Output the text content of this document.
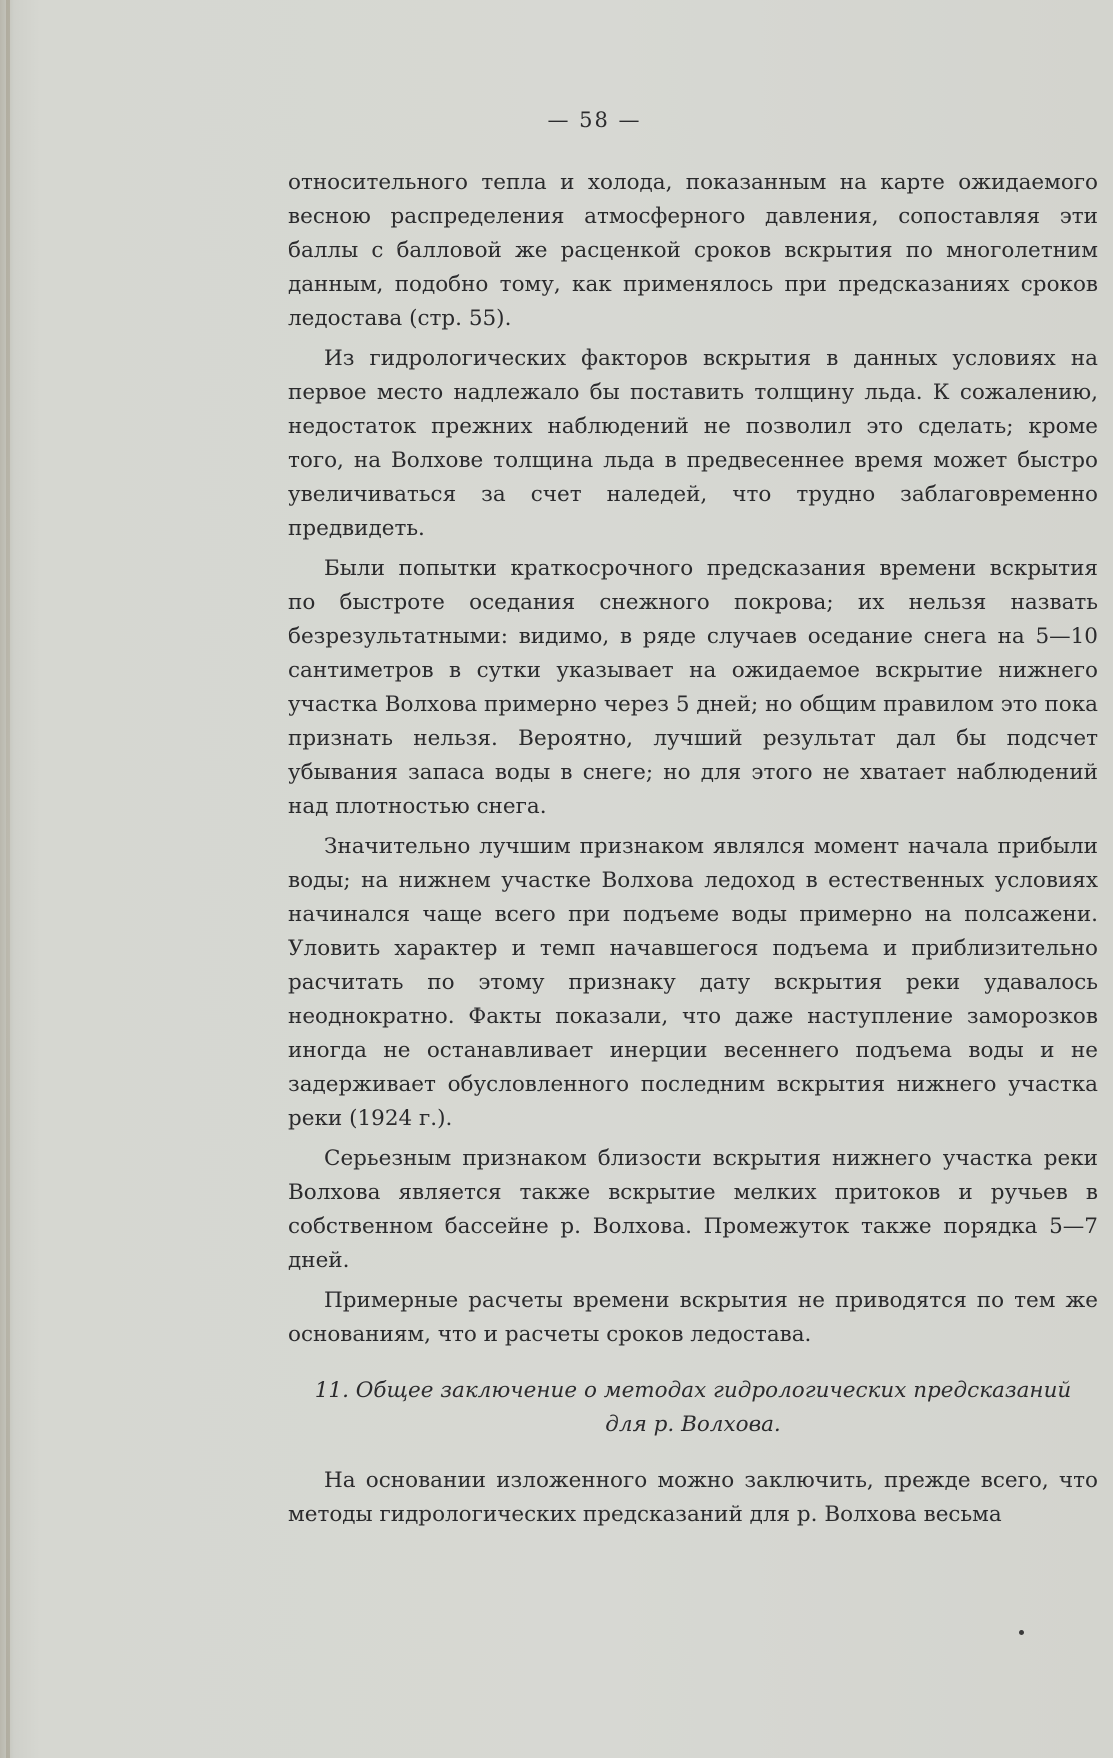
— 58 —

относительного тепла и холода, показанным на карте ожидаемого весною распределения атмосферного давления, сопоставляя эти баллы с балловой же расценкой сроков вскрытия по многолетним данным, подобно тому, как применялось при предсказаниях сроков ледостава (стр. 55).

Из гидрологических факторов вскрытия в данных условиях на первое место надлежало бы поставить толщину льда. К сожалению, недостаток прежних наблюдений не позволил это сделать; кроме того, на Волхове толщина льда в предвесеннее время может быстро увеличиваться за счет наледей, что трудно заблаговременно предвидеть.

Были попытки краткосрочного предсказания времени вскрытия по быстроте оседания снежного покрова; их нельзя назвать безрезультатными: видимо, в ряде случаев оседание снега на 5—10 сантиметров в сутки указывает на ожидаемое вскрытие нижнего участка Волхова примерно через 5 дней; но общим правилом это пока признать нельзя. Вероятно, лучший результат дал бы подсчет убывания запаса воды в снеге; но для этого не хватает наблюдений над плотностью снега.

Значительно лучшим признаком являлся момент начала прибыли воды; на нижнем участке Волхова ледоход в естественных условиях начинался чаще всего при подъеме воды примерно на полсажени. Уловить характер и темп начавшегося подъема и приблизительно расчитать по этому признаку дату вскрытия реки удавалось неоднократно. Факты показали, что даже наступление заморозков иногда не останавливает инерции весеннего подъема воды и не задерживает обусловленного последним вскрытия нижнего участка реки (1924 г.).

Серьезным признаком близости вскрытия нижнего участка реки Волхова является также вскрытие мелких притоков и ручьев в собственном бассейне р. Волхова. Промежуток также порядка 5—7 дней.

Примерные расчеты времени вскрытия не приводятся по тем же основаниям, что и расчеты сроков ледостава.

11. Общее заключение о методах гидрологических предсказаний
для р. Волхова.

На основании изложенного можно заключить, прежде всего, что методы гидрологических предсказаний для р. Волхова весьма
